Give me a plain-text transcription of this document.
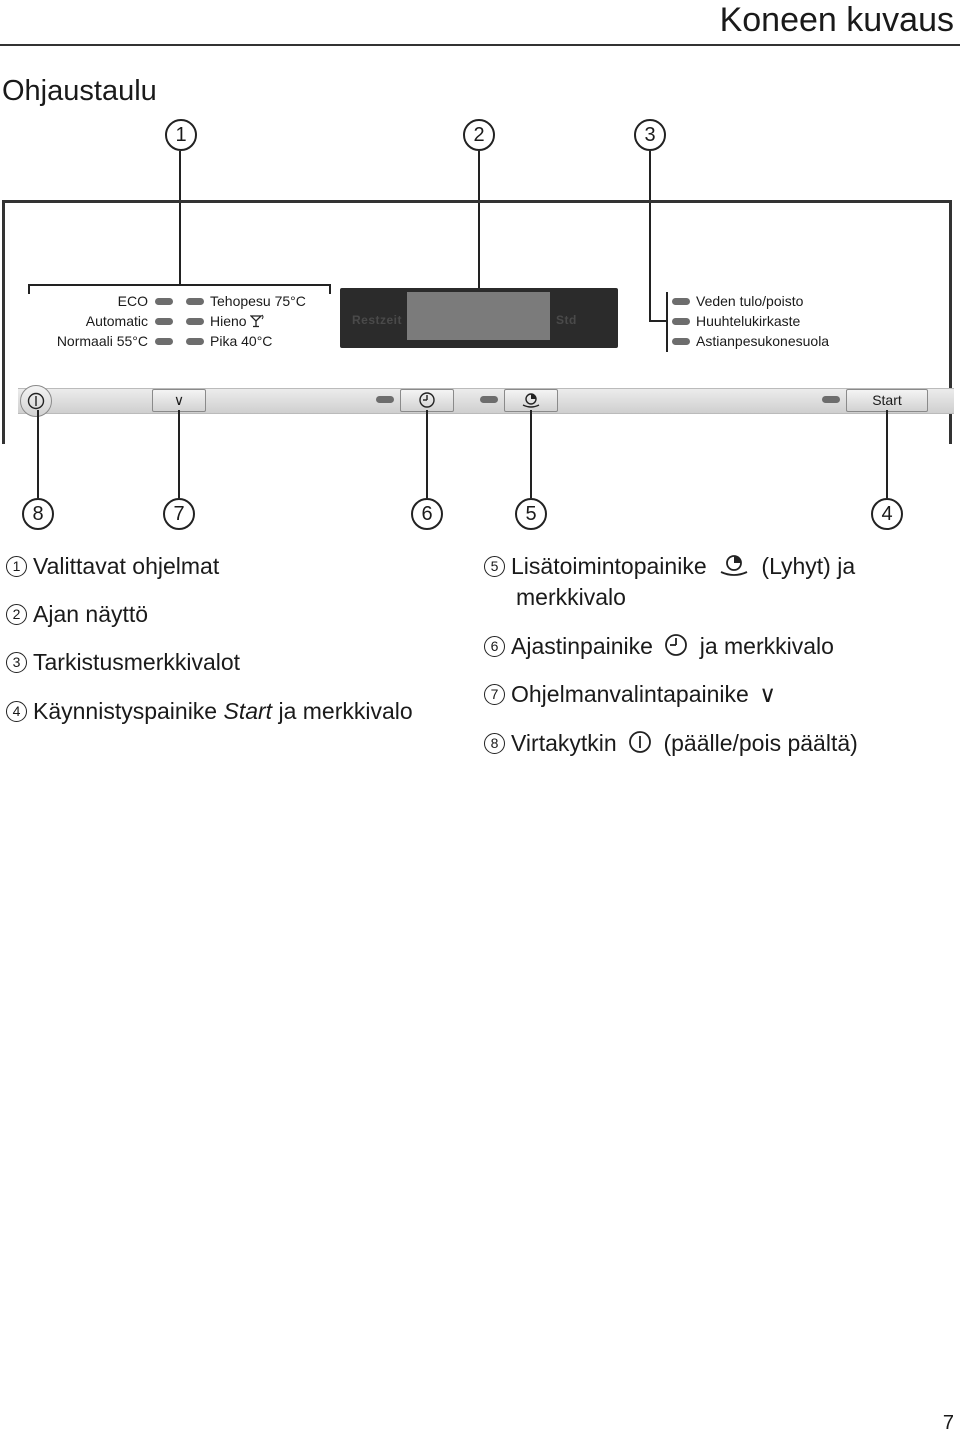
Koneen kuvaus
Ohjaustaulu
1	2	3
ECO
Automatic
Normaali 55°C
Tehopesu 75°C
Hieno
Pika 40°C
Restzeit	Std
Veden tulo/poisto
Huuhtelukirkaste
Astianpesukonesuola
∨	Start
8	7	6	5	4
1 Valittavat ohjelmat
2 Ajan näyttö
3 Tarkistusmerkkivalot
4 Käynnistyspainike Start ja merkkivalo
5 Lisätoimintopainike (Lyhyt) ja
merkkivalo
6 Ajastinpainike ja merkkivalo
7 Ohjelmanvalintapainike ∨
8 Virtakytkin (päälle/pois päältä)
7
